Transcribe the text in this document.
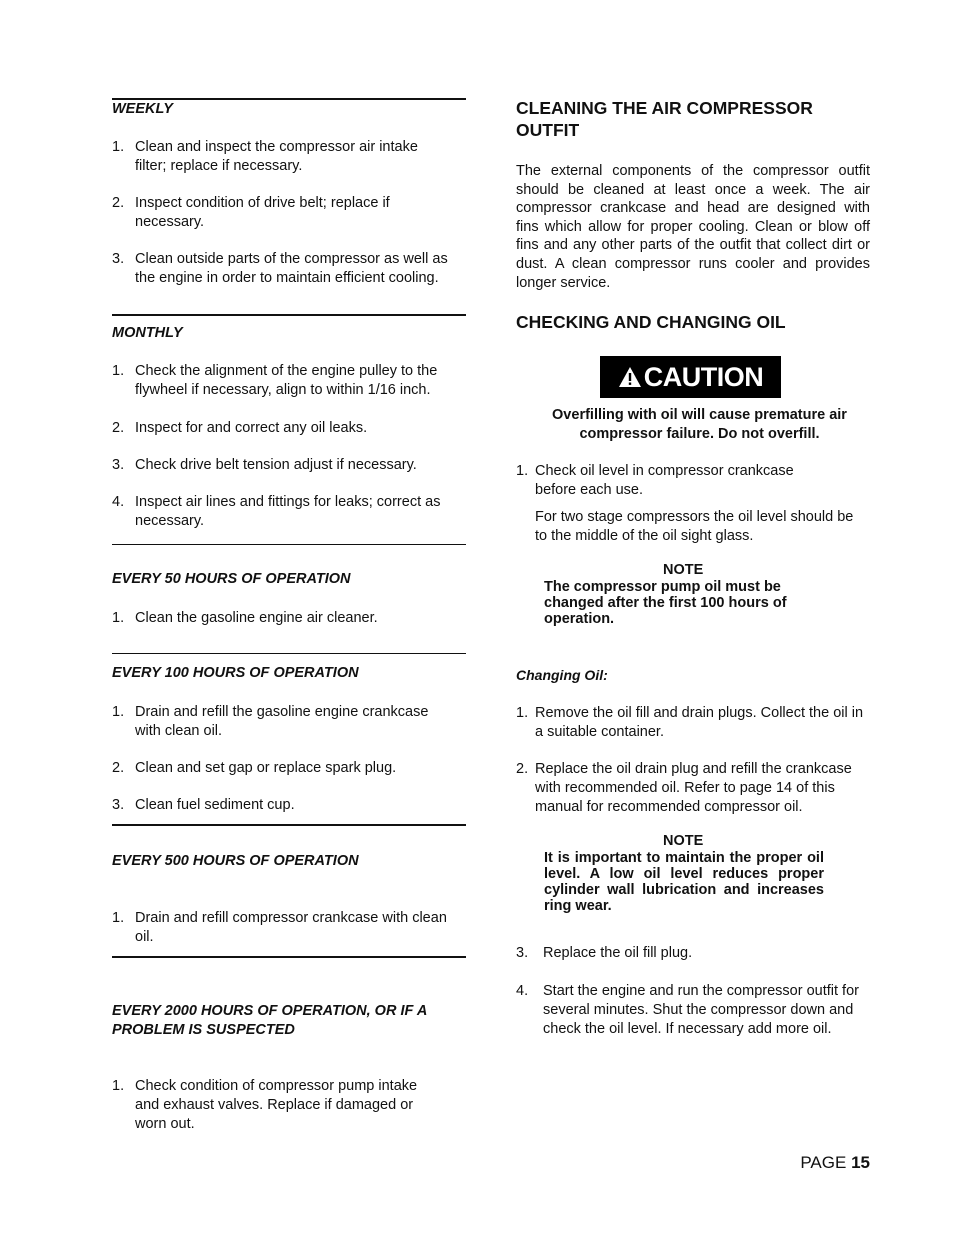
WEEKLY
1. Clean and inspect the compressor air intake filter; replace if necessary.
2. Inspect condition of drive belt; replace if necessary.
3. Clean outside parts of the compressor as well as the engine in order to maintain efficient cooling.
MONTHLY
1. Check the alignment of the engine pulley to the flywheel if necessary, align to within 1/16 inch.
2. Inspect for and correct any oil leaks.
3. Check drive belt tension adjust if necessary.
4. Inspect air lines and fittings for leaks; correct as necessary.
EVERY 50 HOURS OF OPERATION
1. Clean the gasoline engine air cleaner.
EVERY 100 HOURS OF OPERATION
1. Drain and refill the gasoline engine crankcase with clean oil.
2. Clean and set gap or replace spark plug.
3. Clean fuel sediment cup.
EVERY 500 HOURS OF OPERATION
1. Drain and refill compressor crankcase with clean oil.
EVERY 2000 HOURS OF OPERATION, OR IF A PROBLEM IS SUSPECTED
1. Check condition of compressor pump intake and exhaust valves. Replace if damaged or worn out.
CLEANING THE AIR COMPRESSOR OUTFIT
The external components of the compressor outfit should be cleaned at least once a week. The air compressor crankcase and head are designed with fins which allow for proper cooling. Clean or blow off fins and any other parts of the outfit that collect dirt or dust. A clean compressor runs cooler and provides longer service.
CHECKING AND CHANGING OIL
CAUTION
Overfilling with oil will cause premature air compressor failure. Do not overfill.
1. Check oil level in compressor crankcase before each use.
For two stage compressors the oil level should be to the middle of the oil sight glass.
NOTE
The compressor pump oil must be changed after the first 100 hours of operation.
Changing Oil:
1. Remove the oil fill and drain plugs. Collect the oil in a suitable container.
2. Replace the oil drain plug and refill the crankcase with recommended oil. Refer to page 14 of this manual for recommended compressor oil.
NOTE
It is important to maintain the proper oil level. A low oil level reduces proper cylinder wall lubrication and increases ring wear.
3. Replace the oil fill plug.
4. Start the engine and run the compressor outfit for several minutes. Shut the compressor down and check the oil level. If necessary add more oil.
PAGE 15
